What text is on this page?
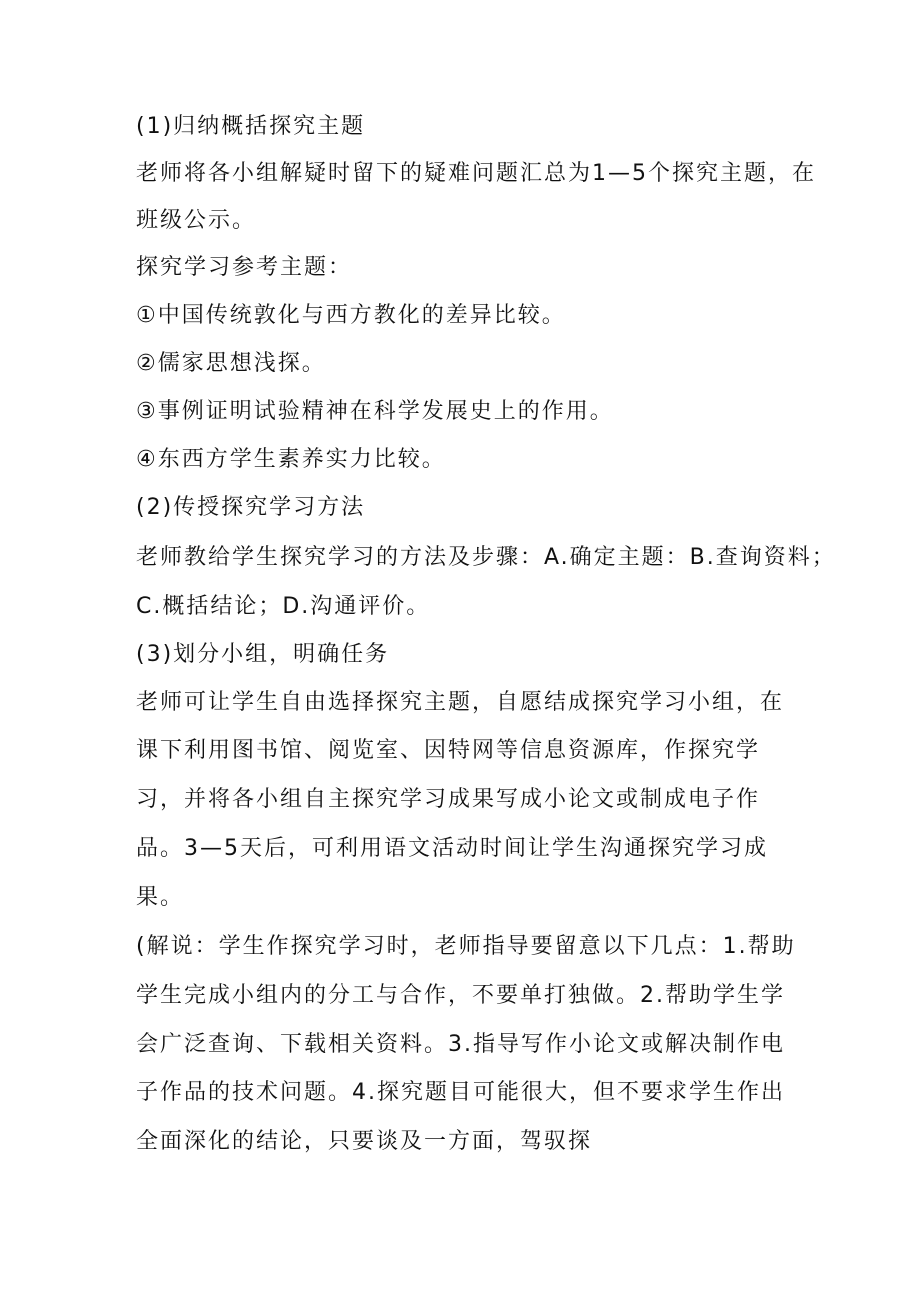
(1)归纳概括探究主题

老师将各小组解疑时留下的疑难问题汇总为1—5个探究主题，在

班级公示。

探究学习参考主题：

①中国传统敦化与西方教化的差异比较。

②儒家思想浅探。

③事例证明试验精神在科学发展史上的作用。

④东西方学生素养实力比较。

(2)传授探究学习方法

老师教给学生探究学习的方法及步骤：A.确定主题：B.查询资料；

C.概括结论；D.沟通评价。

(3)划分小组，明确任务

老师可让学生自由选择探究主题，自愿结成探究学习小组，在

课下利用图书馆、阅览室、因特网等信息资源库，作探究学

习，并将各小组自主探究学习成果写成小论文或制成电子作

品。3—5天后，可利用语文活动时间让学生沟通探究学习成

果。

(解说：学生作探究学习时，老师指导要留意以下几点：1.帮助

学生完成小组内的分工与合作，不要单打独做。2.帮助学生学

会广泛查询、下载相关资料。3.指导写作小论文或解决制作电

子作品的技术问题。4.探究题目可能很大，但不要求学生作出

全面深化的结论，只要谈及一方面，驾驭探
